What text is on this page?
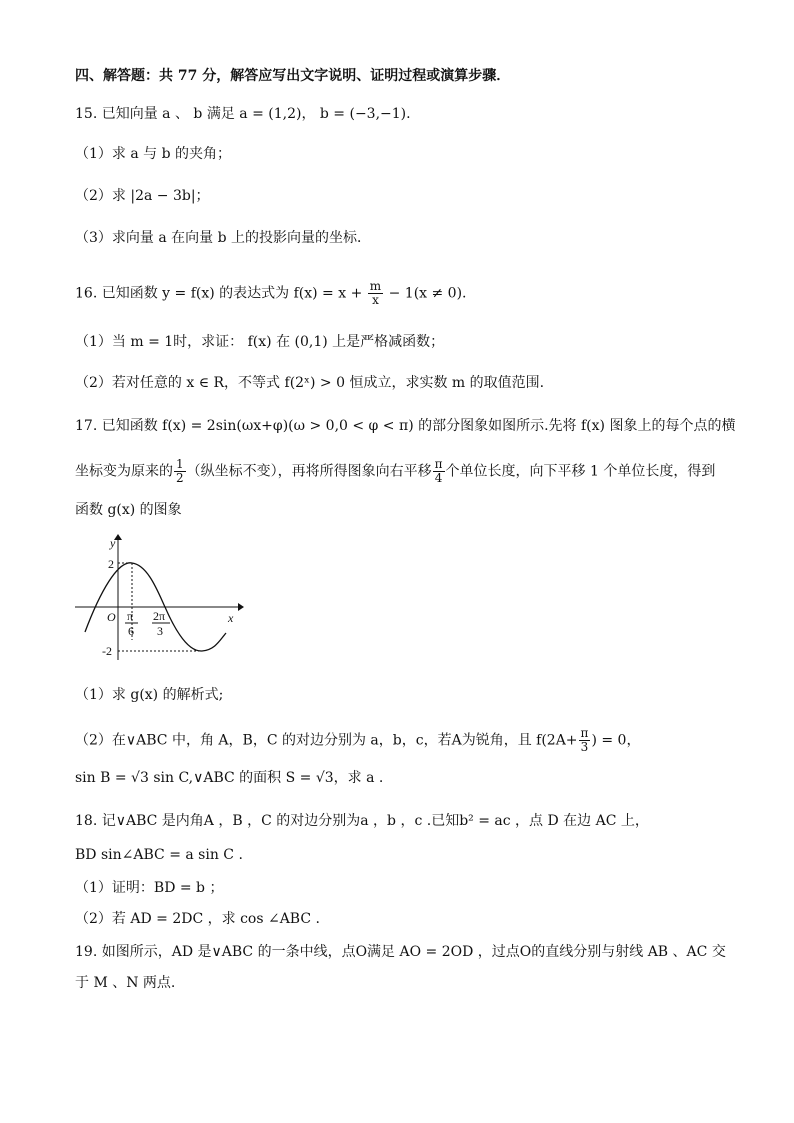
四、解答题：共 77 分，解答应写出文字说明、证明过程或演算步骤．
15. 已知向量 a 、 b 满足 a = (1,2)， b = (−3,−1).
（1）求 a 与 b 的夹角；
（2）求 |2a − 3b|；
（3）求向量 a 在向量 b 上的投影向量的坐标．
16. 已知函数 y = f(x) 的表达式为 $f(x) = x + \frac{m}{x} - 1(x \ne 0)$.
（1）当 m = 1时，求证： f(x) 在 (0,1) 上是严格减函数；
（2）若对任意的 x ∈ R，不等式 f(2ˣ) > 0 恒成立，求实数 m 的取值范围.
17. 已知函数 f(x) = 2sin(ωx+φ)(ω > 0,0 < φ < π) 的部分图象如图所示.先将 f(x) 图象上的每个点的横
坐标变为原来的 $\frac{1}{2}$ （纵坐标不变），再将所得图象向右平移 $\frac{\pi}{4}$ 个单位长度，向下平移 1 个单位长度，得到
函数 g(x) 的图象
y
x
O
2
-2
π
6
2π
3
（1）求 g(x) 的解析式;
（2）在∨ABC 中，角 A，B，C 的对边分别为 a，b，c，若A为锐角，且 $f(2A+ \frac{\pi}{3}$ ) = 0，
sin B = √3 sin C,∨ABC 的面积 S = √3，求 a .
18. 记∨ABC 是内角A ，B ，C 的对边分别为a ，b ，c .已知b² = ac ，点 D 在边 AC 上，
BD sin∠ABC = a sin C .
（1）证明：BD = b ；
（2）若 AD = 2DC ，求 cos ∠ABC .
19. 如图所示，AD 是∨ABC 的一条中线，点O满足 AO = 2OD ，过点O的直线分别与射线 AB 、AC 交
于 M 、N 两点.
